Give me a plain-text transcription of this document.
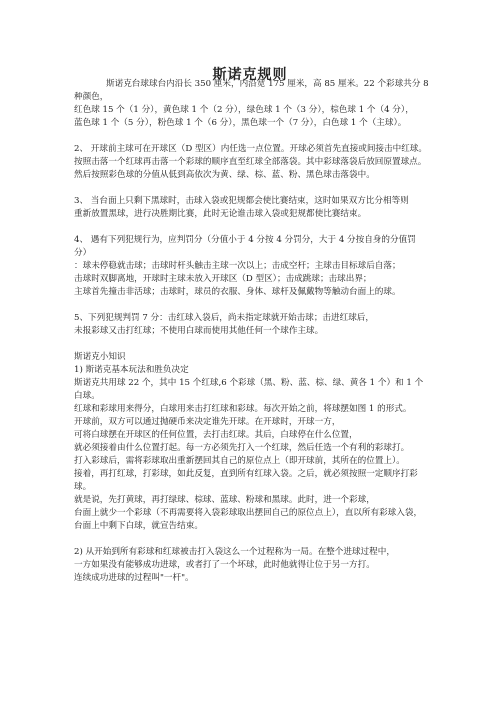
斯诺克规则
斯诺克台球球台内沿长 350 厘米，内沿宽 175 厘米，高 85 厘米。22 个彩球共分 8
种颜色，
红色球 15 个（1 分），黄色球 1 个（2 分），绿色球 1 个（3 分），棕色球 1 个（4 分），
蓝色球 1 个（5 分），粉色球 1 个（6 分），黑色球一个（7 分），白色球 1 个（主球）。
2、 开球前主球可在开球区（D 型区）内任选一点位置。开球必须首先直接或间接击中红球。
按照击落一个红球再击落一个彩球的顺序直至红球全部落袋。其中彩球落袋后放回原置球点。
然后按照彩色球的分值从低到高依次为黄、绿、棕、蓝、粉、黑色球击落袋中。
3、 当台面上只剩下黑球时，击球入袋或犯规都会使比赛结束，这时如果双方比分相等则
重新放置黑球，进行决胜期比赛，此时无论谁击球入袋或犯规都使比赛结束。
4、 遇有下列犯规行为，应判罚分（分值小于 4 分按 4 分罚分，大于 4 分按自身的分值罚
分）
：球未停稳就击球；击球时杆头触击主球一次以上；击成空杆；主球击目标球后自落；
击球时双脚离地，开球时主球未放入开球区（D 型区）；击成跳球；击球出界；
主球首先撞击非活球；击球时，球员的衣服、身体、球杆及佩戴物等触动台面上的球。
5、下列犯规判罚 7 分：击红球入袋后，尚未指定球就开始击球；击进红球后，
未报彩球又击打红球；不使用白球而使用其他任何一个球作主球。
斯诺克小知识
1) 斯诺克基本玩法和胜负决定
斯诺克共用球 22 个，其中 15 个红球,6 个彩球（黑、粉、蓝、棕、绿、黄各 1 个）和 1 个
白球。
红球和彩球用来得分，白球用来击打红球和彩球。每次开始之前，将球摆如图 1 的形式。
开球前，双方可以通过抛硬币来决定谁先开球。在开球时，开球一方，
可将白球摆在开球区的任何位置，去打击红球。其后，白球停在什么位置，
就必须接着由什么位置打起。每一方必须先打入一个红球，然后任选一个有利的彩球打。
打入彩球后，需将彩球取出重新摆回其自己的原位点上（即开球前，其所在的位置上）。
接着，再打红球，打彩球，如此反复，直到所有红球入袋。之后，就必须按照一定顺序打彩
球。
就是说，先打黄球，再打绿球、棕球、蓝球、粉球和黑球。此时，进一个彩球，
台面上就少一个彩球（不再需要将入袋彩球取出摆回自己的原位点上），直以所有彩球入袋，
台面上中剩下白球，就宣告结束。
2) 从开始到所有彩球和红球被击打入袋这么一个过程称为一局。在整个进球过程中，
一方如果没有能够成功进球，或者打了一个坏球，此时他就得让位于另一方打。
连续成功进球的过程叫"一杆"。
